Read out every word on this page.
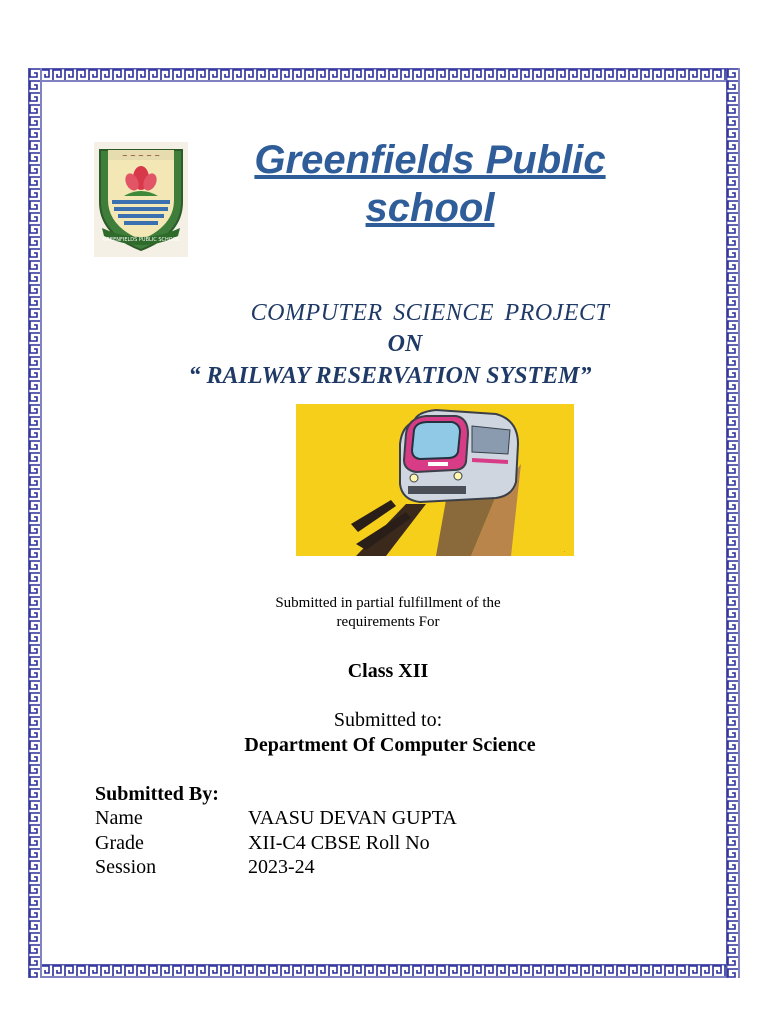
~ ~ ~ ~ ~
GREENFIELDS PUBLIC SCHOOL
Greenfields Public
school
COMPUTER SCIENCE PROJECT
ON
“ RAILWAY RESERVATION SYSTEM”
·
Submitted in partial fulfillment of the
requirements For
Class XII
Submitted to:
Department Of Computer Science
Submitted By:
Name	VAASU DEVAN GUPTA
Grade	XII-C4 CBSE Roll No
Session	2023-24
